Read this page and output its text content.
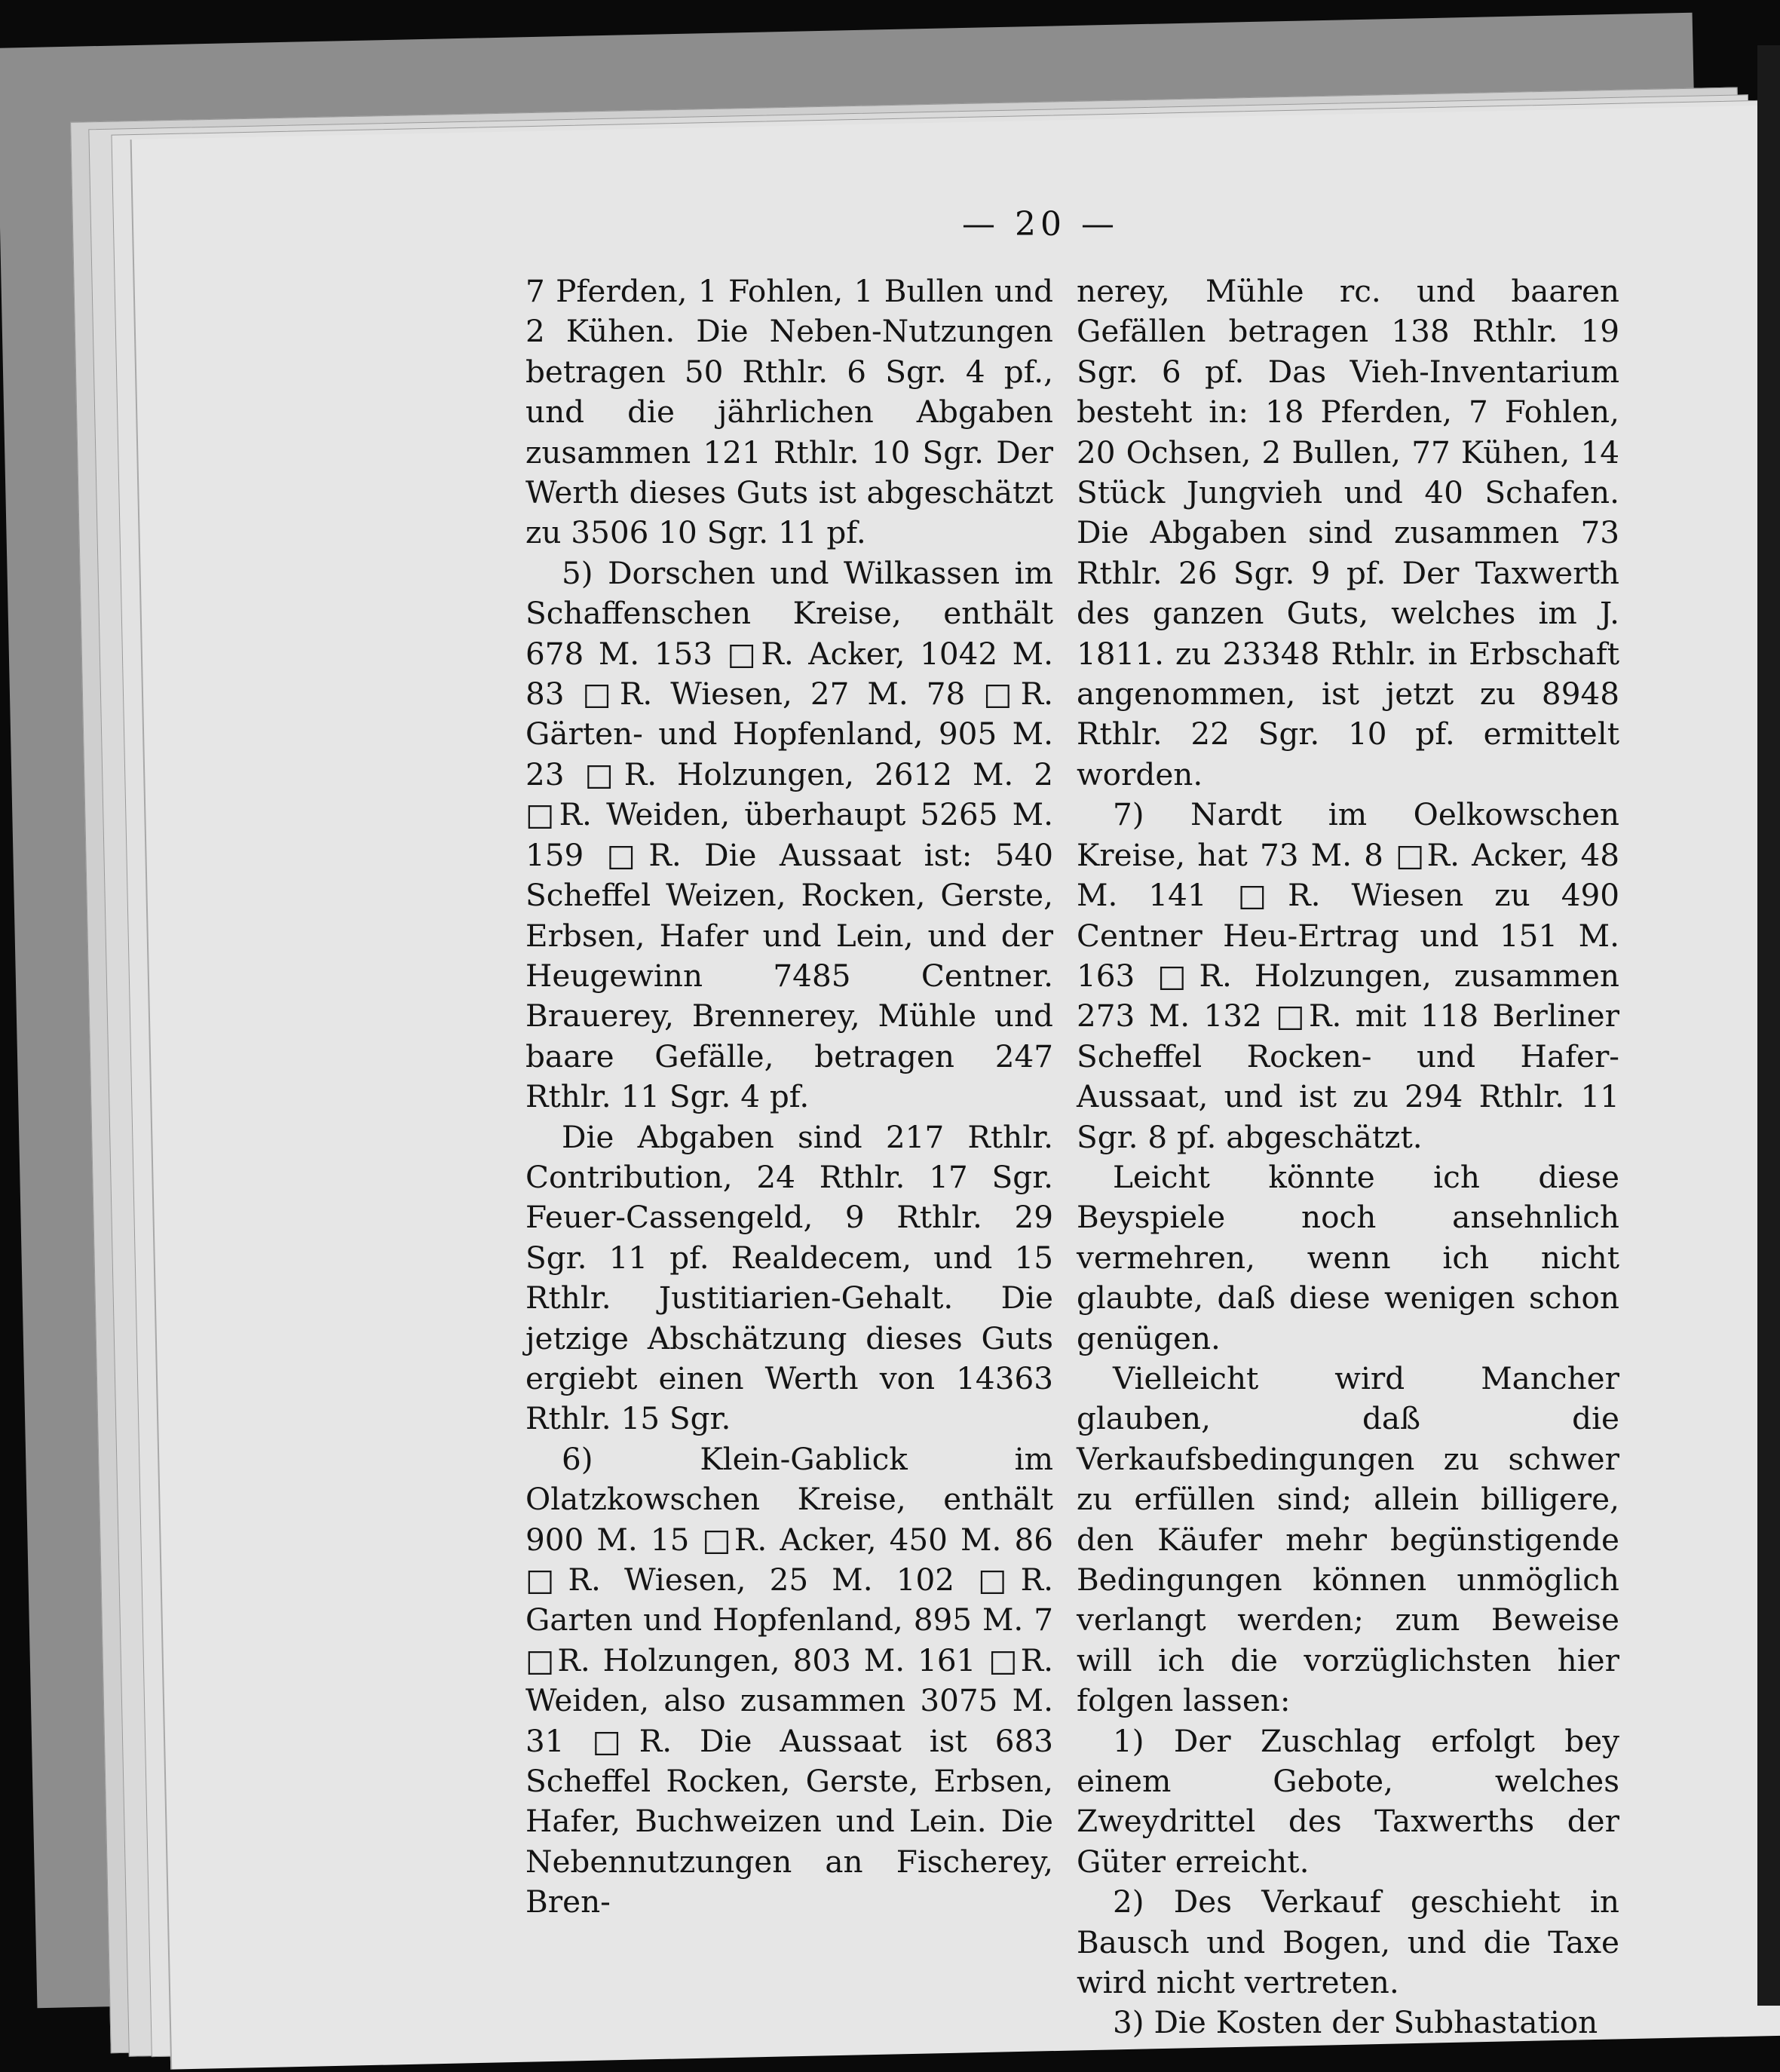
— 20 —

7 Pferden, 1 Fohlen, 1 Bullen und 2 Kühen. Die Neben-Nutzungen betragen 50 Rthlr. 6 Sgr. 4 pf., und die jährlichen Abgaben zusammen 121 Rthlr. 10 Sgr. Der Werth dieses Guts ist abgeschätzt zu 3506 10 Sgr. 11 pf.

5) Dorschen und Wilkassen im Schaffenschen Kreise, enthält 678 M. 153 □R. Acker, 1042 M. 83 □R. Wiesen, 27 M. 78 □R. Gärten- und Hopfenland, 905 M. 23 □R. Holzungen, 2612 M. 2 □R. Weiden, überhaupt 5265 M. 159 □R. Die Aussaat ist: 540 Scheffel Weizen, Rocken, Gerste, Erbsen, Hafer und Lein, und der Heugewinn 7485 Centner. Brauerey, Brennerey, Mühle und baare Gefälle, betragen 247 Rthlr. 11 Sgr. 4 pf.

Die Abgaben sind 217 Rthlr. Contribution, 24 Rthlr. 17 Sgr. Feuer-Cassengeld, 9 Rthlr. 29 Sgr. 11 pf. Realdecem, und 15 Rthlr. Justitiarien-Gehalt. Die jetzige Abschätzung dieses Guts ergiebt einen Werth von 14363 Rthlr. 15 Sgr.

6) Klein-Gablick im Olatzkowschen Kreise, enthält 900 M. 15 □R. Acker, 450 M. 86 □R. Wiesen, 25 M. 102 □R. Garten und Hopfenland, 895 M. 7 □R. Holzungen, 803 M. 161 □R. Weiden, also zusammen 3075 M. 31 □R. Die Aussaat ist 683 Scheffel Rocken, Gerste, Erbsen, Hafer, Buchweizen und Lein. Die Nebennutzungen an Fischerey, Bren-

nerey, Mühle rc. und baaren Gefällen betragen 138 Rthlr. 19 Sgr. 6 pf. Das Vieh-Inventarium besteht in: 18 Pferden, 7 Fohlen, 20 Ochsen, 2 Bullen, 77 Kühen, 14 Stück Jungvieh und 40 Schafen. Die Abgaben sind zusammen 73 Rthlr. 26 Sgr. 9 pf. Der Taxwerth des ganzen Guts, welches im J. 1811. zu 23348 Rthlr. in Erbschaft angenommen, ist jetzt zu 8948 Rthlr. 22 Sgr. 10 pf. ermittelt worden.

7) Nardt im Oelkowschen Kreise, hat 73 M. 8 □R. Acker, 48 M. 141 □R. Wiesen zu 490 Centner Heu-Ertrag und 151 M. 163 □R. Holzungen, zusammen 273 M. 132 □R. mit 118 Berliner Scheffel Rocken- und Hafer-Aussaat, und ist zu 294 Rthlr. 11 Sgr. 8 pf. abgeschätzt.

Leicht könnte ich diese Beyspiele noch ansehnlich vermehren, wenn ich nicht glaubte, daß diese wenigen schon genügen.

Vielleicht wird Mancher glauben, daß die Verkaufsbedingungen zu schwer zu erfüllen sind; allein billigere, den Käufer mehr begünstigende Bedingungen können unmöglich verlangt werden; zum Beweise will ich die vorzüglichsten hier folgen lassen:

1) Der Zuschlag erfolgt bey einem Gebote, welches Zweydrittel des Taxwerths der Güter erreicht.

2) Des Verkauf geschieht in Bausch und Bogen, und die Taxe wird nicht vertreten.

3) Die Kosten der Subhastation
